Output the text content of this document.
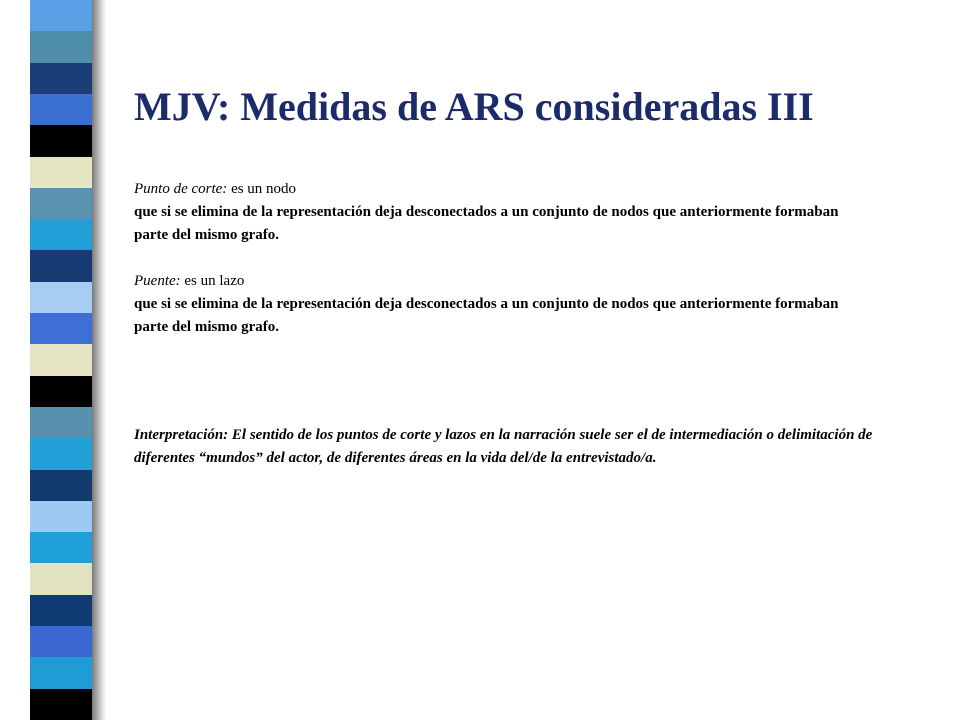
MJV: Medidas de ARS consideradas III

Punto de corte: es un nodo

que si se elimina de la representación deja desconectados a un conjunto de nodos que anteriormente formaban parte del mismo grafo.

Puente: es un lazo

que si se elimina de la representación deja desconectados a un conjunto de nodos que anteriormente formaban parte del mismo grafo.

Interpretación: El sentido de los puntos de corte y lazos en la narración suele ser el de intermediación o delimitación de diferentes “mundos” del actor, de diferentes áreas en la vida del/de la entrevistado/a.
